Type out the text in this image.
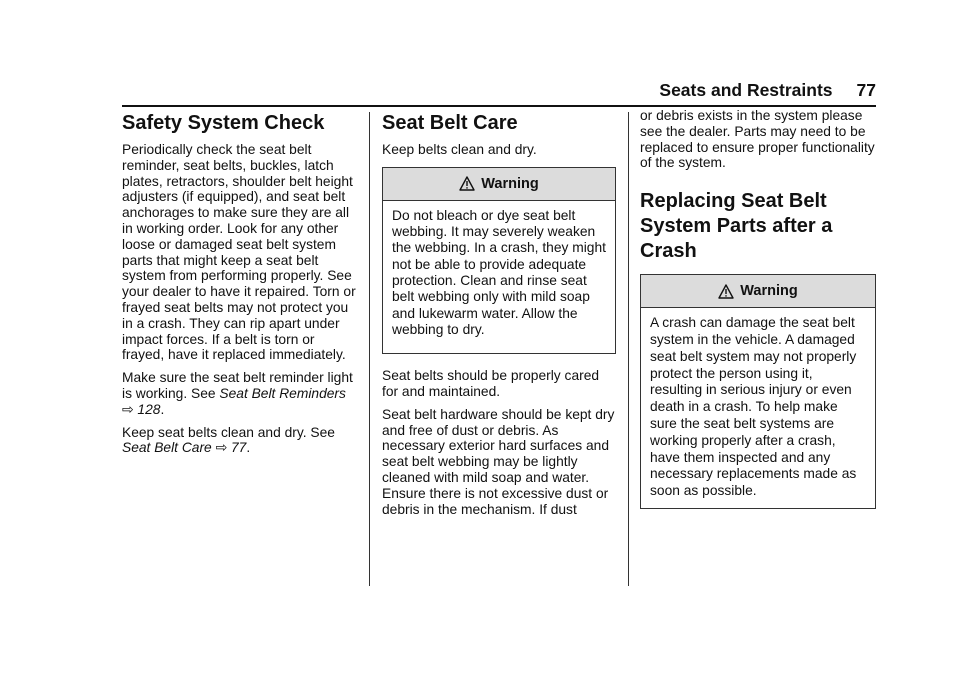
Seats and Restraints 77
Safety System Check

Periodically check the seat belt reminder, seat belts, buckles, latch plates, retractors, shoulder belt height adjusters (if equipped), and seat belt anchorages to make sure they are all in working order. Look for any other loose or damaged seat belt system parts that might keep a seat belt system from performing properly. See your dealer to have it repaired. Torn or frayed seat belts may not protect you in a crash. They can rip apart under impact forces. If a belt is torn or frayed, have it replaced immediately.

Make sure the seat belt reminder light is working. See Seat Belt Reminders ⇨ 128.

Keep seat belts clean and dry. See Seat Belt Care ⇨ 77.

Seat Belt Care

Keep belts clean and dry.

Warning

Do not bleach or dye seat belt webbing. It may severely weaken the webbing. In a crash, they might not be able to provide adequate protection. Clean and rinse seat belt webbing only with mild soap and lukewarm water. Allow the webbing to dry.

Seat belts should be properly cared for and maintained.

Seat belt hardware should be kept dry and free of dust or debris. As necessary exterior hard surfaces and seat belt webbing may be lightly cleaned with mild soap and water. Ensure there is not excessive dust or debris in the mechanism. If dust

or debris exists in the system please see the dealer. Parts may need to be replaced to ensure proper functionality of the system.

Replacing Seat Belt System Parts after a Crash
Warning

A crash can damage the seat belt system in the vehicle. A damaged seat belt system may not properly protect the person using it, resulting in serious injury or even death in a crash. To help make sure the seat belt systems are working properly after a crash, have them inspected and any necessary replacements made as soon as possible.
